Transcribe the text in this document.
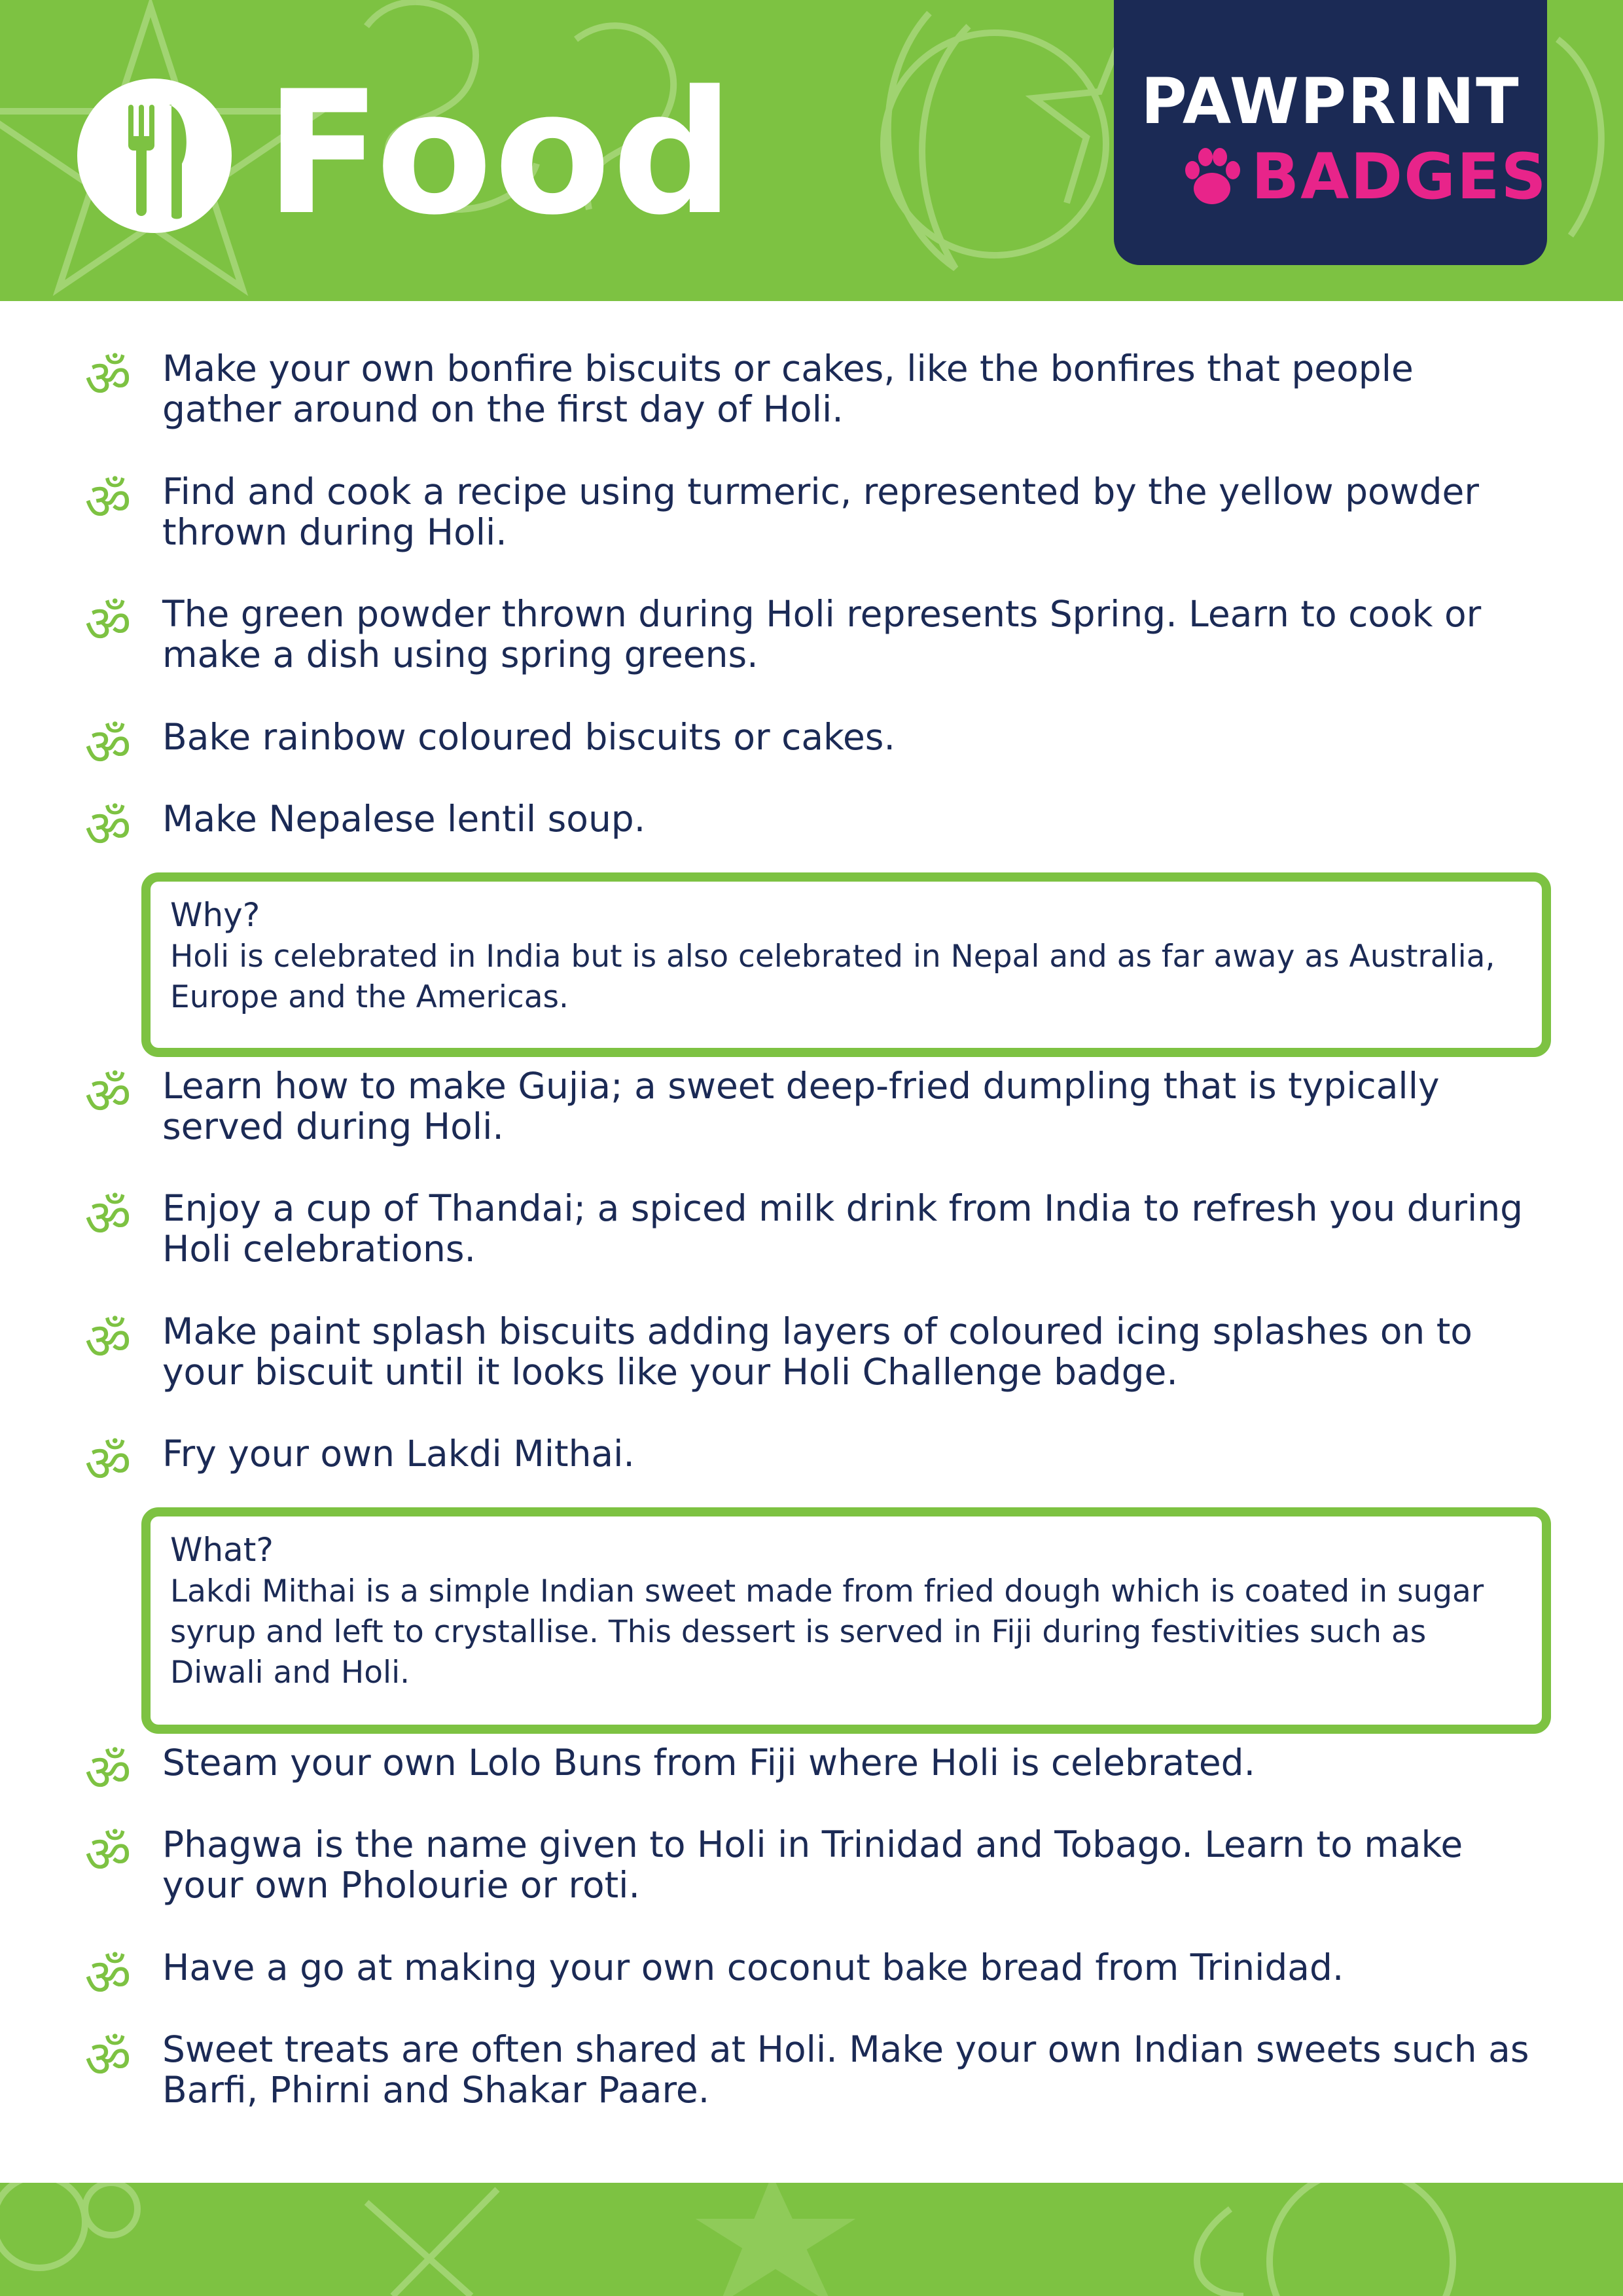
Food	PAWPRINT
BADGES
ॐ Make your own bonfire biscuits or cakes, like the bonfires that people gather around on the first day of Holi.
ॐ Find and cook a recipe using turmeric, represented by the yellow powder thrown during Holi.
ॐ The green powder thrown during Holi represents Spring. Learn to cook or make a dish using spring greens.
ॐ Bake rainbow coloured biscuits or cakes.
ॐ Make Nepalese lentil soup.
Why?
Holi is celebrated in India but is also celebrated in Nepal and as far away as Australia, Europe and the Americas.
ॐ Learn how to make Gujia; a sweet deep-fried dumpling that is typically served during Holi.
ॐ Enjoy a cup of Thandai; a spiced milk drink from India to refresh you during Holi celebrations.
ॐ Make paint splash biscuits adding layers of coloured icing splashes on to your biscuit until it looks like your Holi Challenge badge.
ॐ Fry your own Lakdi Mithai.
What?
Lakdi Mithai is a simple Indian sweet made from fried dough which is coated in sugar syrup and left to crystallise. This dessert is served in Fiji during festivities such as Diwali and Holi.
ॐ Steam your own Lolo Buns from Fiji where Holi is celebrated.
ॐ Phagwa is the name given to Holi in Trinidad and Tobago. Learn to make your own Pholourie or roti.
ॐ Have a go at making your own coconut bake bread from Trinidad.
ॐ Sweet treats are often shared at Holi. Make your own Indian sweets such as Barfi, Phirni and Shakar Paare.
